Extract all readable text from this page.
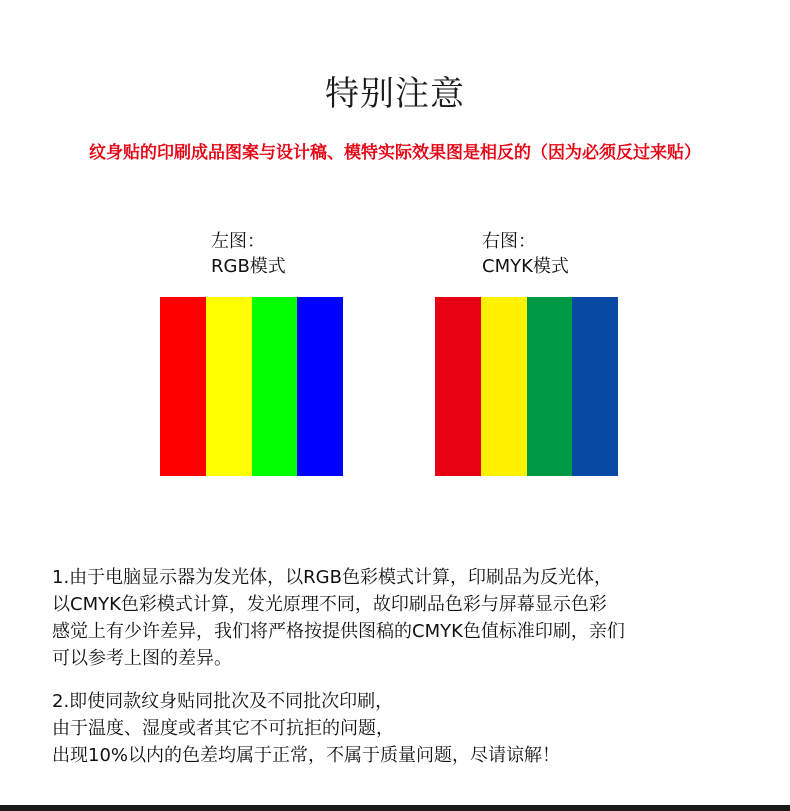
特别注意
纹身贴的印刷成品图案与设计稿、模特实际效果图是相反的（因为必须反过来贴）
左图：
RGB模式
右图：
CMYK模式
1.由于电脑显示器为发光体，以RGB色彩模式计算，印刷品为反光体，
以CMYK色彩模式计算，发光原理不同，故印刷品色彩与屏幕显示色彩
感觉上有少许差异，我们将严格按提供图稿的CMYK色值标准印刷，亲们
可以参考上图的差异。
2.即使同款纹身贴同批次及不同批次印刷，
由于温度、湿度或者其它不可抗拒的问题，
出现10%以内的色差均属于正常，不属于质量问题，尽请谅解！
